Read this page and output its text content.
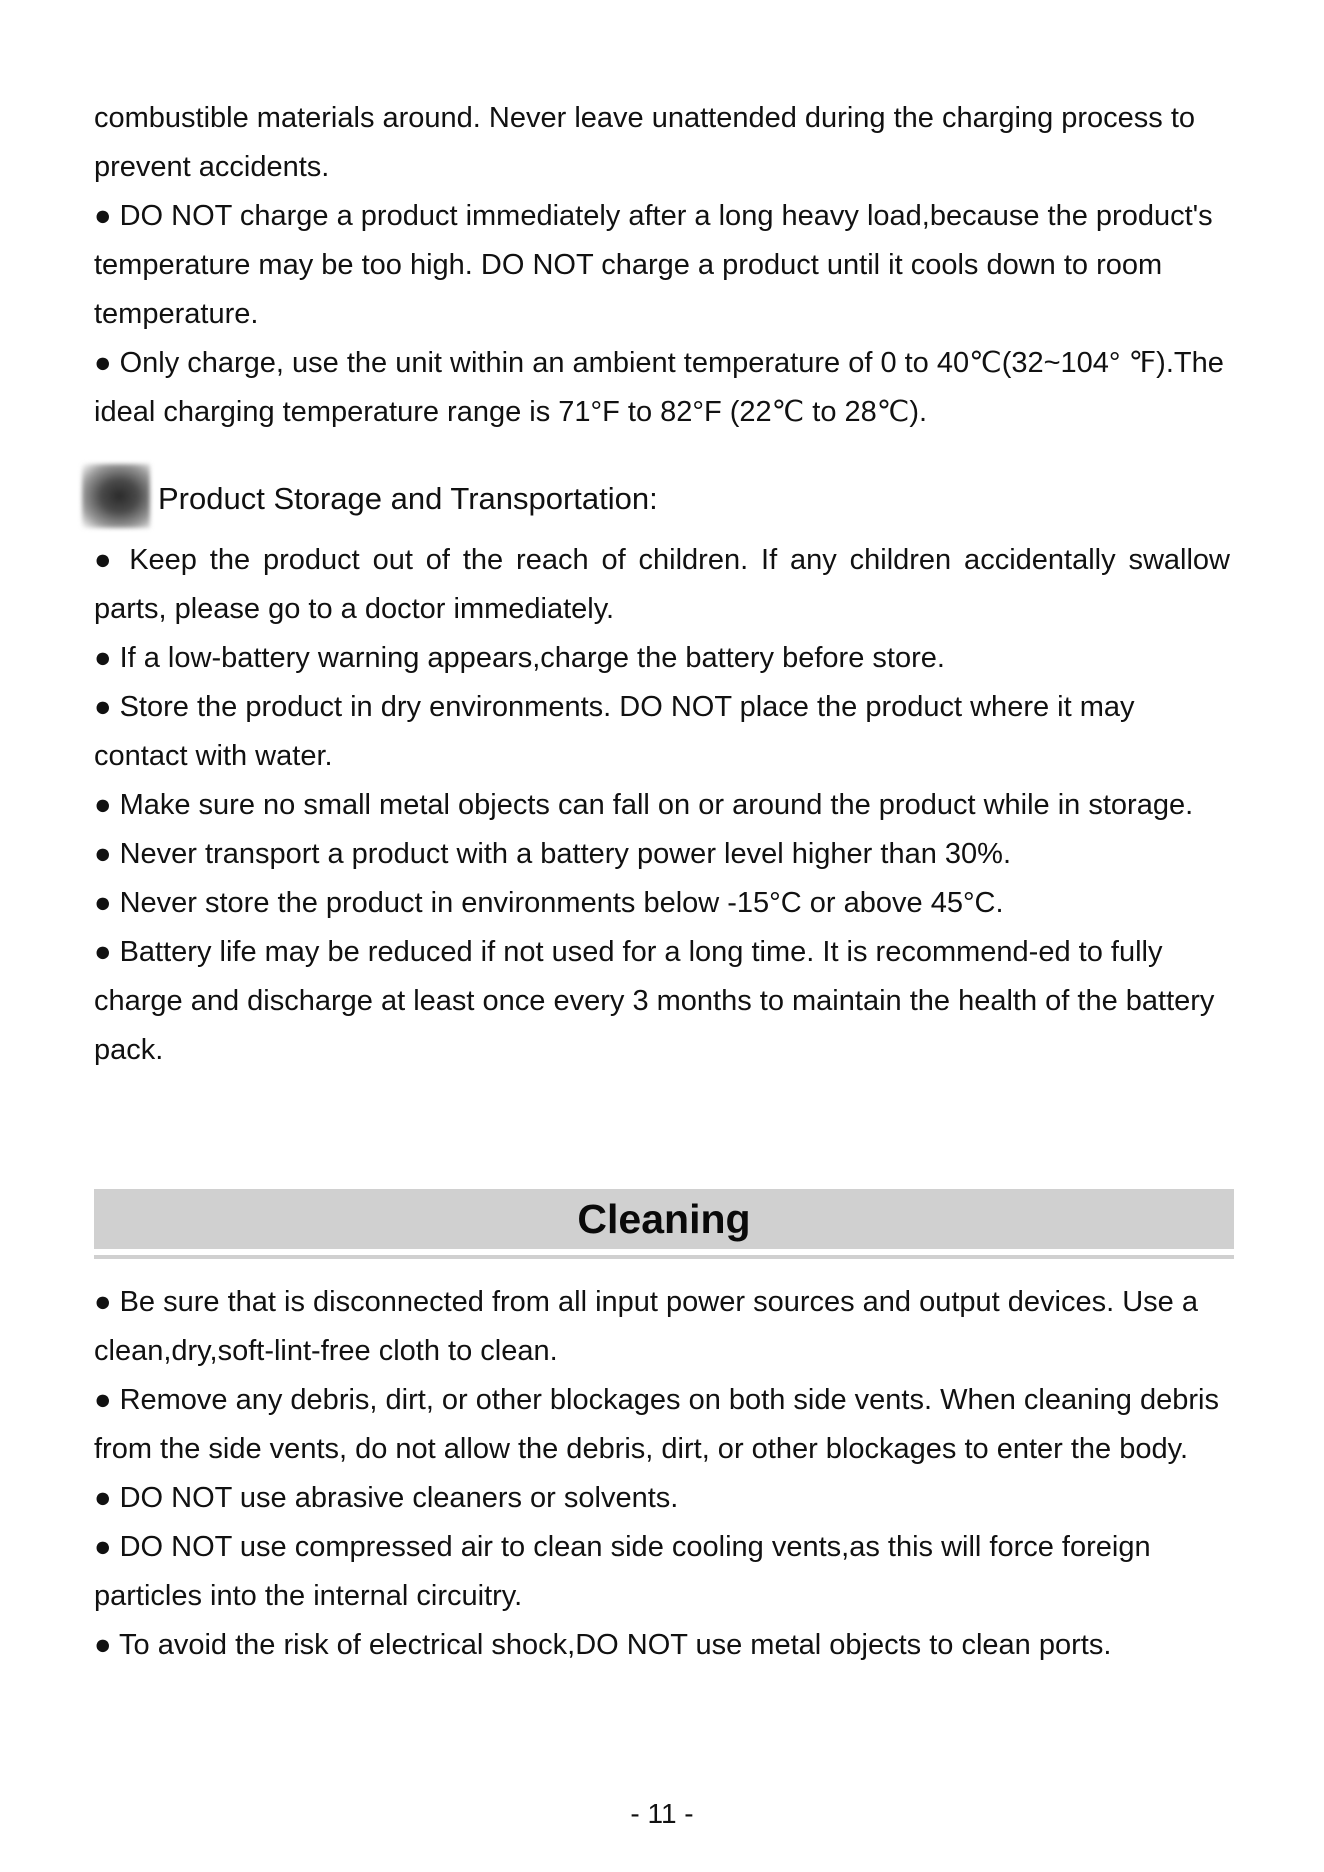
combustible materials around. Never leave unattended during the charging process to prevent accidents.

● DO NOT charge a product immediately after a long heavy load,because the product's temperature may be too high. DO NOT charge a product until it cools down to room temperature.

● Only charge, use the unit within an ambient temperature of 0 to 40℃(32~104° ℉).The ideal charging temperature range is 71°F to 82°F (22℃ to 28℃).

Product Storage and Transportation:

● Keep the product out of the reach of children. If any children accidentally swallow parts, please go to a doctor immediately.

● If a low-battery warning appears,charge the battery before store.

● Store the product in dry environments. DO NOT place the product where it may contact with water.

● Make sure no small metal objects can fall on or around the product while in storage.

● Never transport a product with a battery power level higher than 30%.

● Never store the product in environments below -15°C or above 45°C.

● Battery life may be reduced if not used for a long time. It is recommend-ed to fully charge and discharge at least once every 3 months to maintain the health of the battery pack.

Cleaning

● Be sure that is disconnected from all input power sources and output devices. Use a clean,dry,soft-lint-free cloth to clean.

● Remove any debris, dirt, or other blockages on both side vents. When cleaning debris from the side vents, do not allow the debris, dirt, or other blockages to enter the body.

● DO NOT use abrasive cleaners or solvents.

● DO NOT use compressed air to clean side cooling vents,as this will force foreign particles into the internal circuitry.

● To avoid the risk of electrical shock,DO NOT use metal objects to clean ports.

- 11 -
